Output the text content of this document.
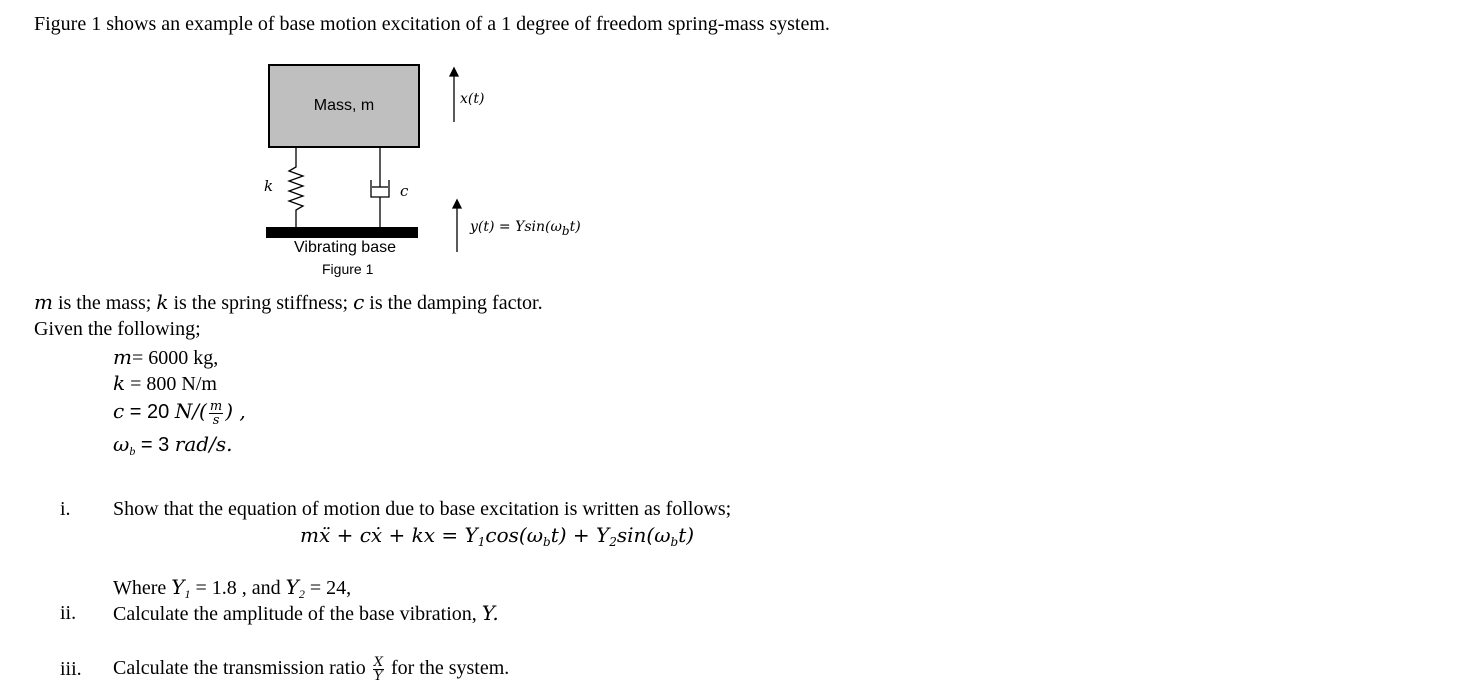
Figure 1 shows an example of base motion excitation of a 1 degree of freedom spring-mass system.
Mass, m
k	c
x(t)
$y(t) = Ysin(\omega_bt)$
Vibrating base
Figure 1
m is the mass; k is the spring stiffness; c is the damping factor.
Given the following;
m= 6000 kg,
k = 800 N/m
c = 20 $N/( \frac{m}{s}$ ) ,
$\omega_b = 3$ rad/s.
i. Show that the equation of motion due to base excitation is written as follows;
mẍ + cẋ + kx = $Y_1\cos(\omega_bt) + Y_2\sin(\omega_bt)$
Where $Y_1 = 1.8$ , and $Y_2 = 24$,
ii. Calculate the amplitude of the base vibration, Y.
iii. Calculate the transmission ratio $\frac{X}{Y}$ for the system.
